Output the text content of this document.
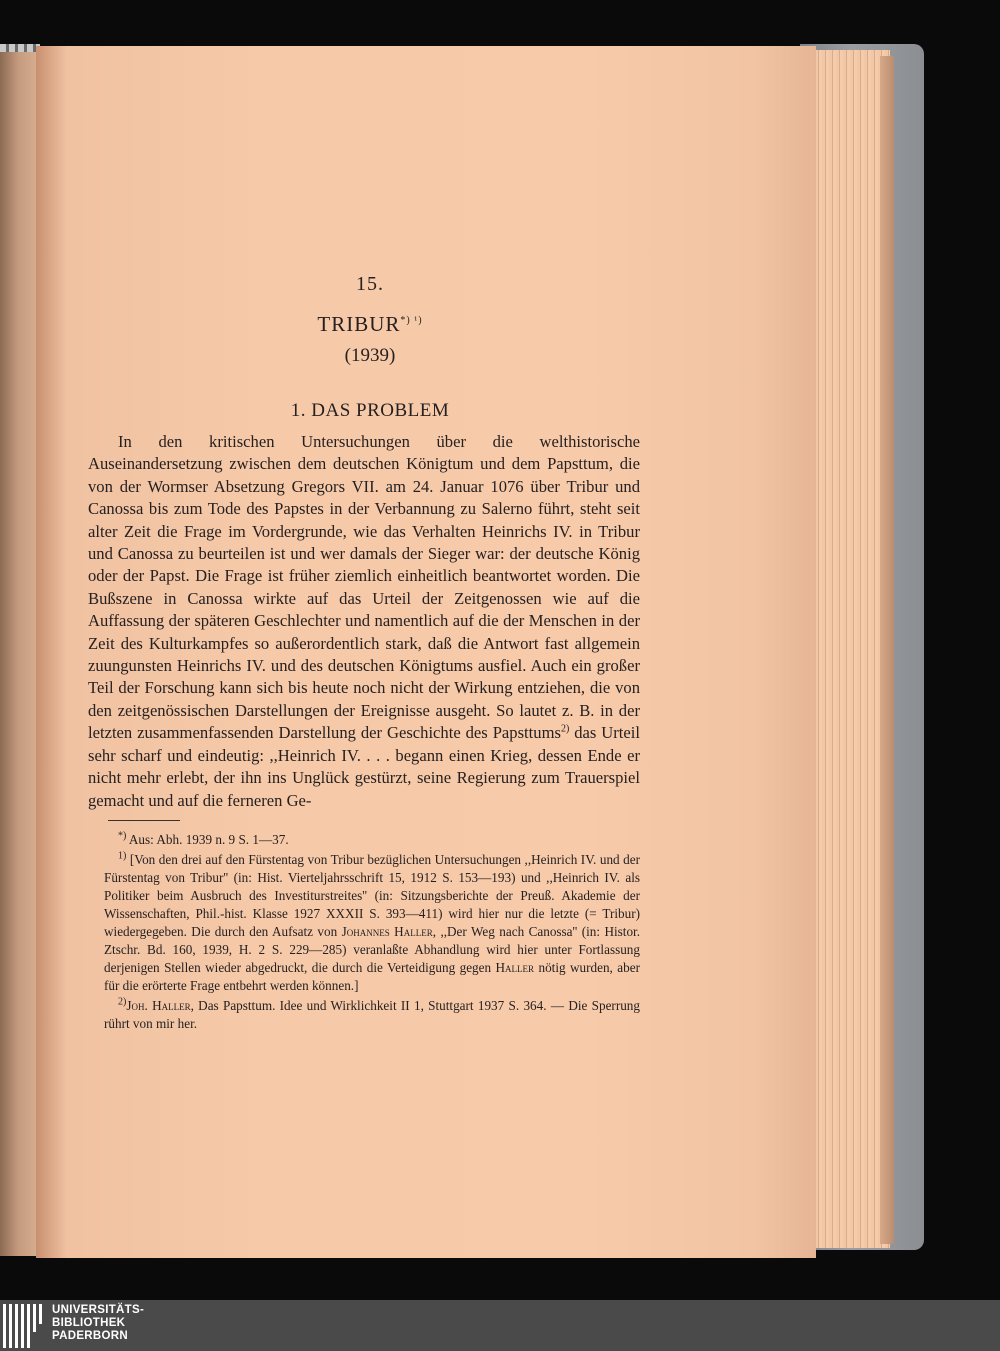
15.
TRIBUR$^{*) ^1)}$
(1939)
1. DAS PROBLEM

In den kritischen Untersuchungen über die welthistorische Auseinandersetzung zwischen dem deutschen Königtum und dem Papsttum, die von der Wormser Absetzung Gregors VII. am 24. Januar 1076 über Tribur und Canossa bis zum Tode des Papstes in der Verbannung zu Salerno führt, steht seit alter Zeit die Frage im Vordergrunde, wie das Verhalten Heinrichs IV. in Tribur und Canossa zu beurteilen ist und wer damals der Sieger war: der deutsche König oder der Papst. Die Frage ist früher ziemlich einheitlich beantwortet worden. Die Bußszene in Canossa wirkte auf das Urteil der Zeitgenossen wie auf die Auffassung der späteren Geschlechter und namentlich auf die der Menschen in der Zeit des Kulturkampfes so außerordentlich stark, daß die Antwort fast allgemein zuungunsten Heinrichs IV. und des deutschen Königtums ausfiel. Auch ein großer Teil der Forschung kann sich bis heute noch nicht der Wirkung entziehen, die von den zeitgenössischen Darstellungen der Ereignisse ausgeht. So lautet z. B. in der letzten zusammenfassenden Darstellung der Geschichte des Papsttums$^{2)}$ das Urteil sehr scharf und eindeutig: ,,Heinrich IV. . . . begann einen Krieg, dessen Ende er nicht mehr erlebt, der ihn ins Unglück gestürzt, seine Regierung zum Trauerspiel gemacht und auf die ferneren Ge-

*) Aus: Abh. 1939 n. 9 S. 1—37.

$^{1)}$ [Von den drei auf den Fürstentag von Tribur bezüglichen Untersuchungen ,,Heinrich IV. und der Fürstentag von Tribur'' (in: Hist. Vierteljahrsschrift 15, 1912 S. 153—193) und ,,Heinrich IV. als Politiker beim Ausbruch des Investiturstreites'' (in: Sitzungsberichte der Preuß. Akademie der Wissenschaften, Phil.-hist. Klasse 1927 XXXII S. 393—411) wird hier nur die letzte (= Tribur) wiedergegeben. Die durch den Aufsatz von Johannes Haller, ,,Der Weg nach Canossa'' (in: Histor. Ztschr. Bd. 160, 1939, H. 2 S. 229—285) veranlaßte Abhandlung wird hier unter Fortlassung derjenigen Stellen wieder abgedruckt, die durch die Verteidigung gegen Haller nötig wurden, aber für die erörterte Frage entbehrt werden können.]

$^{2)}$Joh. Haller, Das Papsttum. Idee und Wirklichkeit II 1, Stuttgart 1937 S. 364. — Die Sperrung rührt von mir her.

UNIVERSITÄTS-
BIBLIOTHEK
PADERBORN
